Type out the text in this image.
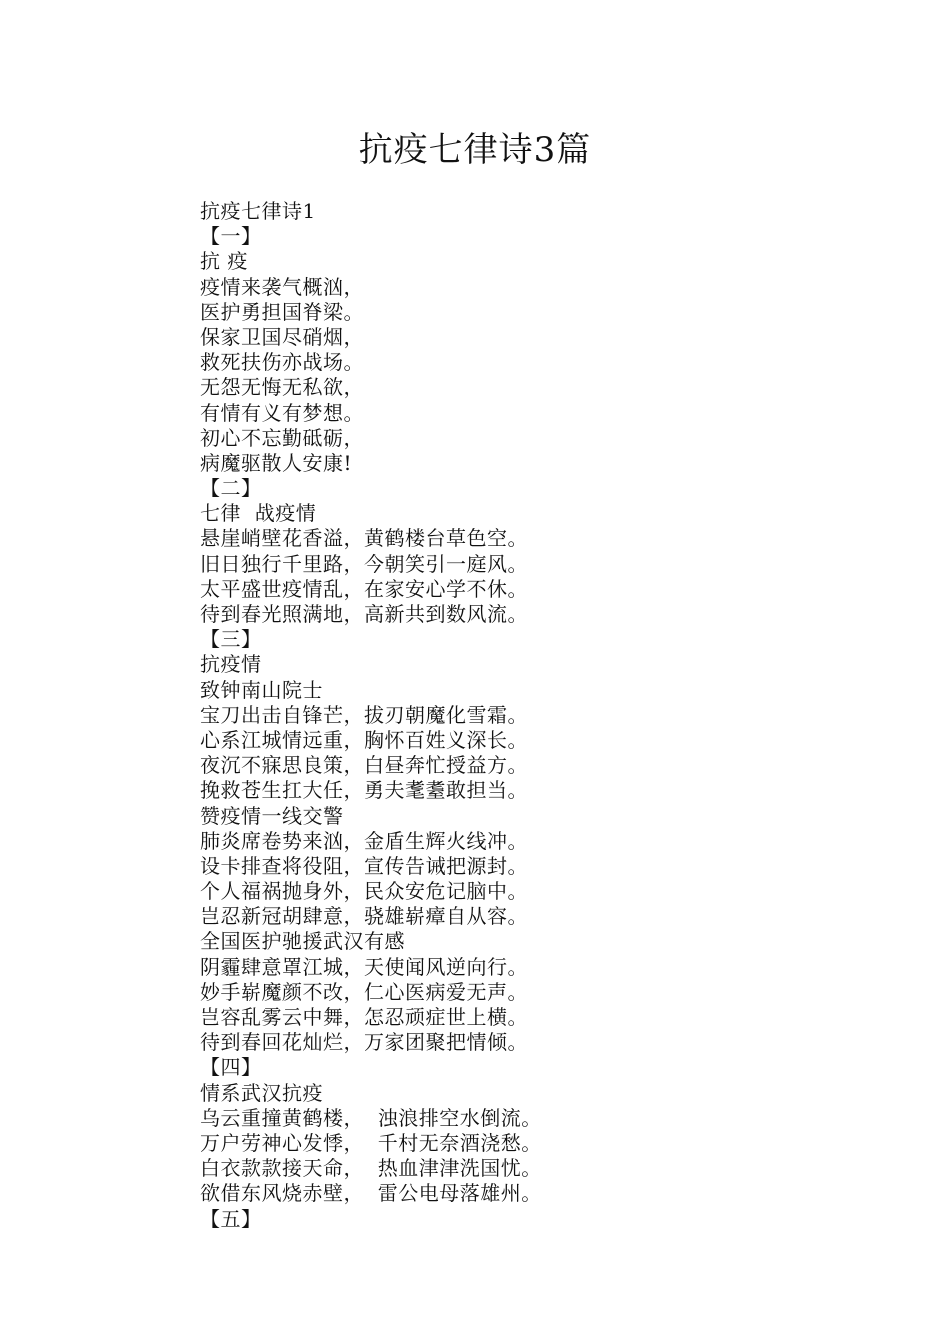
抗疫七律诗3篇
抗疫七律诗1
【一】
抗 疫
疫情来袭气概汹，
医护勇担国脊梁。
保家卫国尽硝烟，
救死扶伤亦战场。
无怨无悔无私欲，
有情有义有梦想。
初心不忘勤砥砺，
病魔驱散人安康!
【二】
七律  战疫情
悬崖峭壁花香溢，黄鹤楼台草色空。
旧日独行千里路，今朝笑引一庭风。
太平盛世疫情乱，在家安心学不休。
待到春光照满地，高新共到数风流。
【三】
抗疫情
致钟南山院士
宝刀出击自锋芒，拔刃朝魔化雪霜。
心系江城情远重，胸怀百姓义深长。
夜沉不寐思良策，白昼奔忙授益方。
挽救苍生扛大任，勇夫耄耋敢担当。
赞疫情一线交警
肺炎席卷势来汹，金盾生辉火线冲。
设卡排查将役阻，宣传告诫把源封。
个人福祸抛身外，民众安危记脑中。
岂忍新冠胡肆意，骁雄崭瘴自从容。
全国医护驰援武汉有感
阴霾肆意罩江城，天使闻风逆向行。
妙手崭魔颜不改，仁心医病爱无声。
岂容乱雾云中舞，怎忍顽症世上横。
待到春回花灿烂，万家团聚把情倾。
【四】
情系武汉抗疫
乌云重撞黄鹤楼，  浊浪排空水倒流。
万户劳神心发悸，  千村无奈酒浇愁。
白衣款款接天命，  热血津津洗国忧。
欲借东风烧赤壁，  雷公电母落雄州。
【五】
